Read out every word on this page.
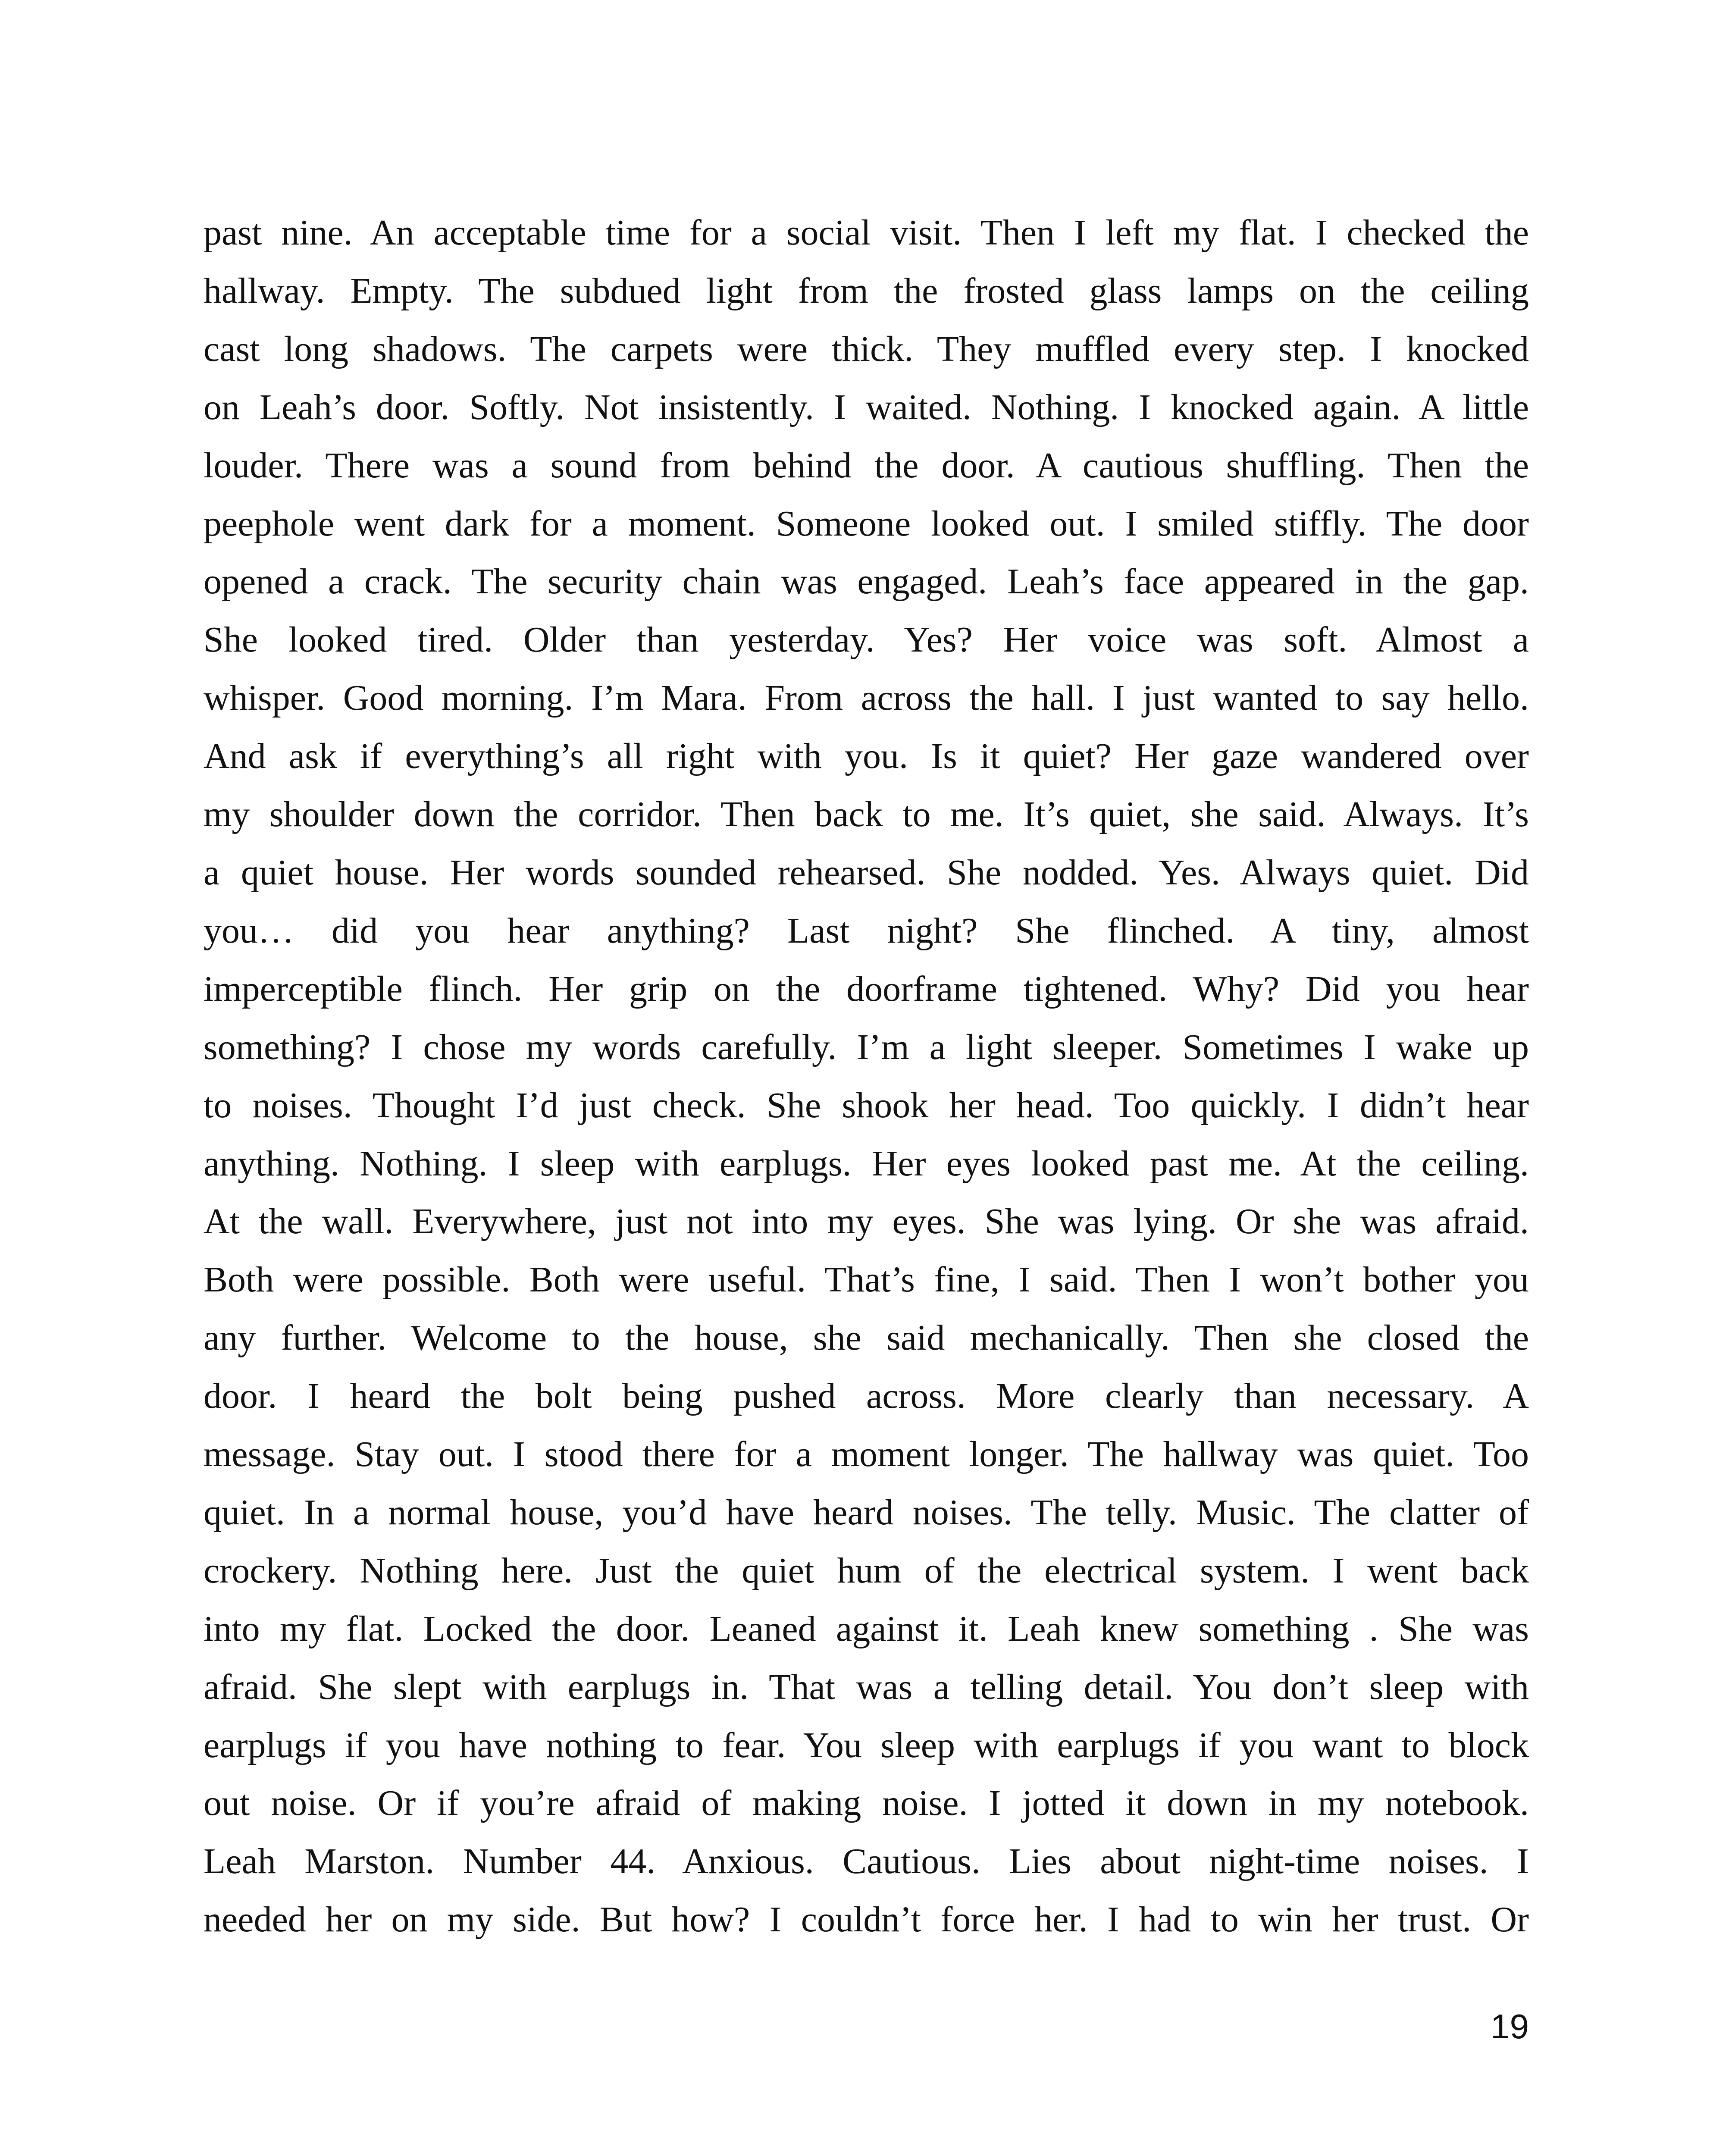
past nine. An acceptable time for a social visit. Then I left my flat. I checked the
hallway. Empty. The subdued light from the frosted glass lamps on the ceiling
cast long shadows. The carpets were thick. They muffled every step. I knocked
on Leah’s door. Softly. Not insistently. I waited. Nothing. I knocked again. A little
louder. There was a sound from behind the door. A cautious shuffling. Then the
peephole went dark for a moment. Someone looked out. I smiled stiffly. The door
opened a crack. The security chain was engaged. Leah’s face appeared in the gap.
She looked tired. Older than yesterday. Yes? Her voice was soft. Almost a
whisper. Good morning. I’m Mara. From across the hall. I just wanted to say hello.
And ask if everything’s all right with you. Is it quiet? Her gaze wandered over
my shoulder down the corridor. Then back to me. It’s quiet, she said. Always. It’s
a quiet house. Her words sounded rehearsed. She nodded. Yes. Always quiet. Did
you… did you hear anything? Last night? She flinched. A tiny, almost
imperceptible flinch. Her grip on the doorframe tightened. Why? Did you hear
something? I chose my words carefully. I’m a light sleeper. Sometimes I wake up
to noises. Thought I’d just check. She shook her head. Too quickly. I didn’t hear
anything. Nothing. I sleep with earplugs. Her eyes looked past me. At the ceiling.
At the wall. Everywhere, just not into my eyes. She was lying. Or she was afraid.
Both were possible. Both were useful. That’s fine, I said. Then I won’t bother you
any further. Welcome to the house, she said mechanically. Then she closed the
door. I heard the bolt being pushed across. More clearly than necessary. A
message. Stay out. I stood there for a moment longer. The hallway was quiet. Too
quiet. In a normal house, you’d have heard noises. The telly. Music. The clatter of
crockery. Nothing here. Just the quiet hum of the electrical system. I went back
into my flat. Locked the door. Leaned against it. Leah knew something . She was
afraid. She slept with earplugs in. That was a telling detail. You don’t sleep with
earplugs if you have nothing to fear. You sleep with earplugs if you want to block
out noise. Or if you’re afraid of making noise. I jotted it down in my notebook.
Leah Marston. Number 44. Anxious. Cautious. Lies about night-time noises. I
needed her on my side. But how? I couldn’t force her. I had to win her trust. Or
19
